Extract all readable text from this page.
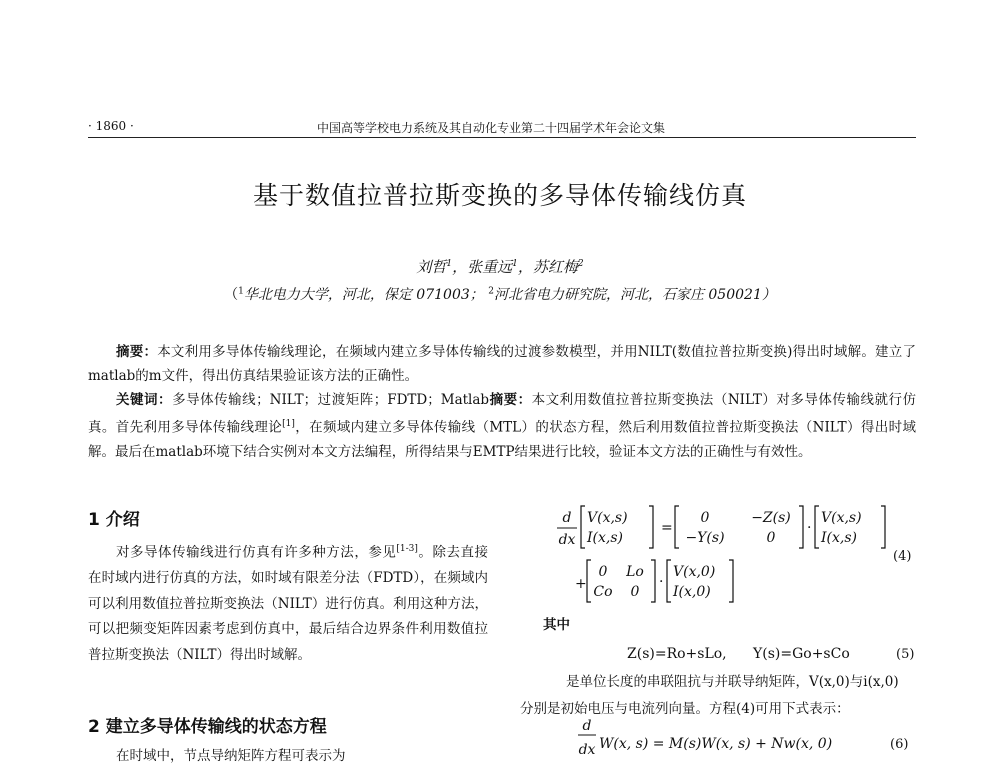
· 1860 ·	中国高等学校电力系统及其自动化专业第二十四届学术年会论文集
基于数值拉普拉斯变换的多导体传输线仿真
刘哲$^1$，张重远$^1$，苏红梅$^2$
（$^1$华北电力大学，河北，保定 071003； $^2$河北省电力研究院，河北，石家庄 050021）

摘要：本文利用多导体传输线理论，在频域内建立多导体传输线的过渡参数模型，并用NILT(数值拉普拉斯变换)得出时域解。建立了matlab的m文件，得出仿真结果验证该方法的正确性。

关键词：多导体传输线；NILT；过渡矩阵；FDTD；Matlab摘要：本文利用数值拉普拉斯变换法（NILT）对多导体传输线就行仿真。首先利用多导体传输线理论[1]，在频域内建立多导体传输线（MTL）的状态方程，然后利用数值拉普拉斯变换法（NILT）得出时域解。最后在matlab环境下结合实例对本文方法编程，所得结果与EMTP结果进行比较，验证本文方法的正确性与有效性。

1 介绍

对多导体传输线进行仿真有许多种方法，参见[1-3]。除去直接在时域内进行仿真的方法，如时域有限差分法（FDTD），在频域内可以利用数值拉普拉斯变换法（NILT）进行仿真。利用这种方法，可以把频变矩阵因素考虑到仿真中，最后结合边界条件利用数值拉普拉斯变换法（NILT）得出时域解。

2 建立多导体传输线的状态方程

在时域中，节点导纳矩阵方程可表示为

d
dx
V(x,s)
I(x,s)
=
0	−Z(s)
−Y(s)	0
·
V(x,s)
I(x,s)
+
0 Lo
Co 0
·
V(x,0)
I(x,0)
(4)
其中
Z(s)=Ro+sLo, Y(s)=Go+sCo	(5)
是单位长度的串联阻抗与并联导纳矩阵，V(x,0)与i(x,0)
分别是初始电压与电流列向量。方程(4)可用下式表示：
d
dx W(x, s) = M(s)W(x, s) + Nw(x, 0)	(6)
